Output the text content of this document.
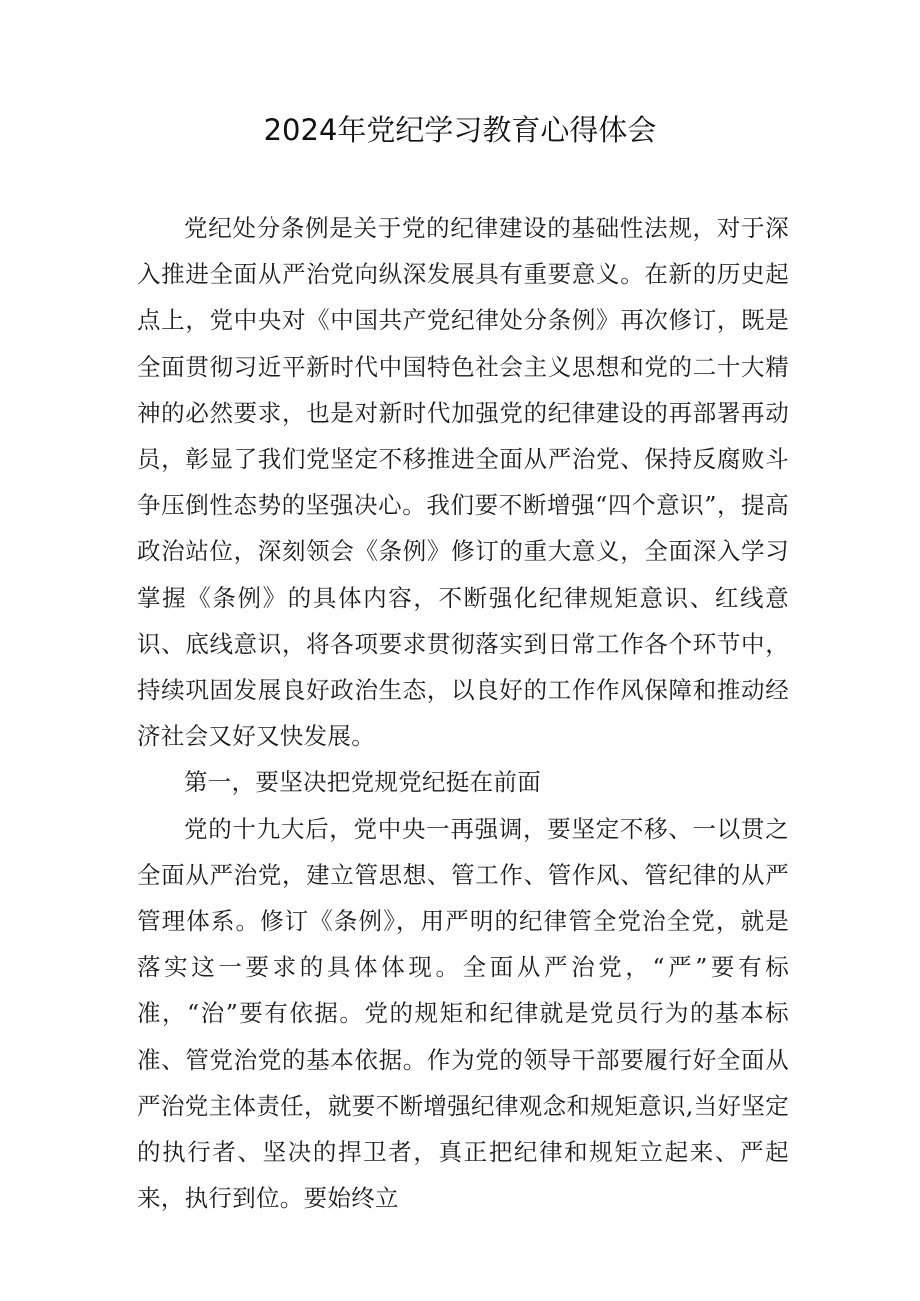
2024年党纪学习教育心得体会

党纪处分条例是关于党的纪律建设的基础性法规，对于深入推进全面从严治党向纵深发展具有重要意义。在新的历史起点上，党中央对《中国共产党纪律处分条例》再次修订，既是全面贯彻习近平新时代中国特色社会主义思想和党的二十大精神的必然要求，也是对新时代加强党的纪律建设的再部署再动员，彰显了我们党坚定不移推进全面从严治党、保持反腐败斗争压倒性态势的坚强决心。我们要不断增强“四个意识”，提高政治站位，深刻领会《条例》修订的重大意义，全面深入学习掌握《条例》的具体内容，不断强化纪律规矩意识、红线意识、底线意识，将各项要求贯彻落实到日常工作各个环节中，持续巩固发展良好政治生态，以良好的工作作风保障和推动经济社会又好又快发展。

第一，要坚决把党规党纪挺在前面

党的十九大后，党中央一再强调，要坚定不移、一以贯之全面从严治党，建立管思想、管工作、管作风、管纪律的从严管理体系。修订《条例》，用严明的纪律管全党治全党，就是落实这一要求的具体体现。全面从严治党，“严”要有标准，“治”要有依据。党的规矩和纪律就是党员行为的基本标准、管党治党的基本依据。作为党的领导干部要履行好全面从严治党主体责任，就要不断增强纪律观念和规矩意识,当好坚定的执行者、坚决的捍卫者，真正把纪律和规矩立起来、严起来，执行到位。要始终立
